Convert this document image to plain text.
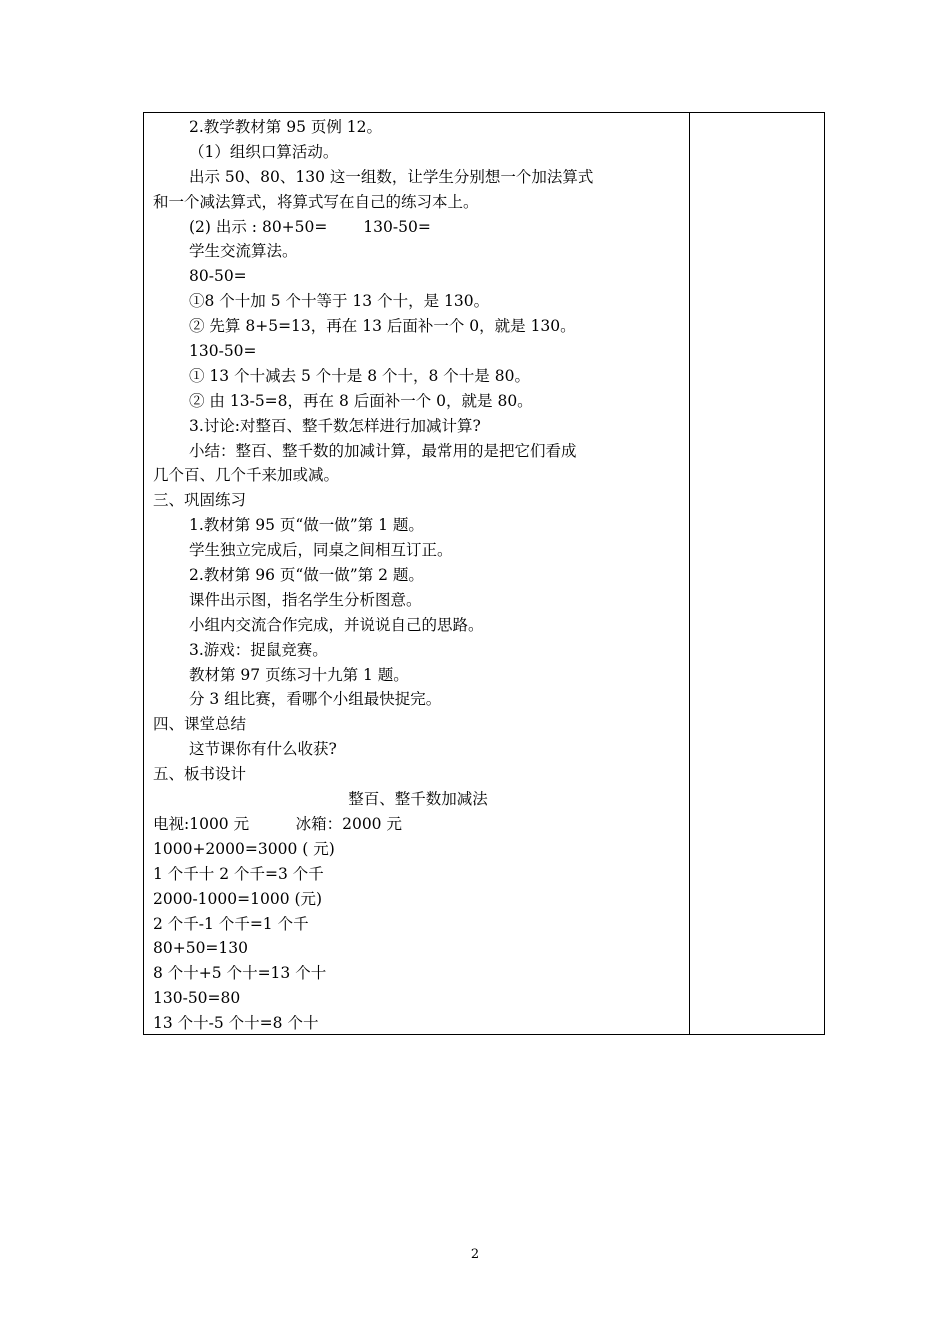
2.教学教材第 95 页例 12。
（1）组织口算活动。
出示 50、80、130 这一组数，让学生分别想一个加法算式
和一个减法算式，将算式写在自己的练习本上。
(2) 出示 : 80+50=　　 130-50=
学生交流算法。
80-50=
①8 个十加 5 个十等于 13 个十，是 130。
② 先算 8+5=13，再在 13 后面补一个 0，就是 130。
130-50=
① 13 个十减去 5 个十是 8 个十，8 个十是 80。
② 由 13-5=8，再在 8 后面补一个 0，就是 80。
3.讨论:对整百、整千数怎样进行加减计算?
小结：整百、整千数的加减计算，最常用的是把它们看成
几个百、几个千来加或减。
三、巩固练习
1.教材第 95 页“做一做”第 1 题。
学生独立完成后，同桌之间相互订正。
2.教材第 96 页“做一做”第 2 题。
课件出示图，指名学生分析图意。
小组内交流合作完成，并说说自己的思路。
3.游戏：捉鼠竞赛。
教材第 97 页练习十九第 1 题。
分 3 组比赛，看哪个小组最快捉完。
四、课堂总结
这节课你有什么收获?
五、板书设计
整百、整千数加减法
电视:1000 元　　　冰箱：2000 元
1000+2000=3000 ( 元)
1 个千十 2 个千=3 个千
2000-1000=1000 (元)
2 个千-1 个千=1 个千
80+50=130
8 个十+5 个十=13 个十
130-50=80
13 个十-5 个十=8 个十
2
